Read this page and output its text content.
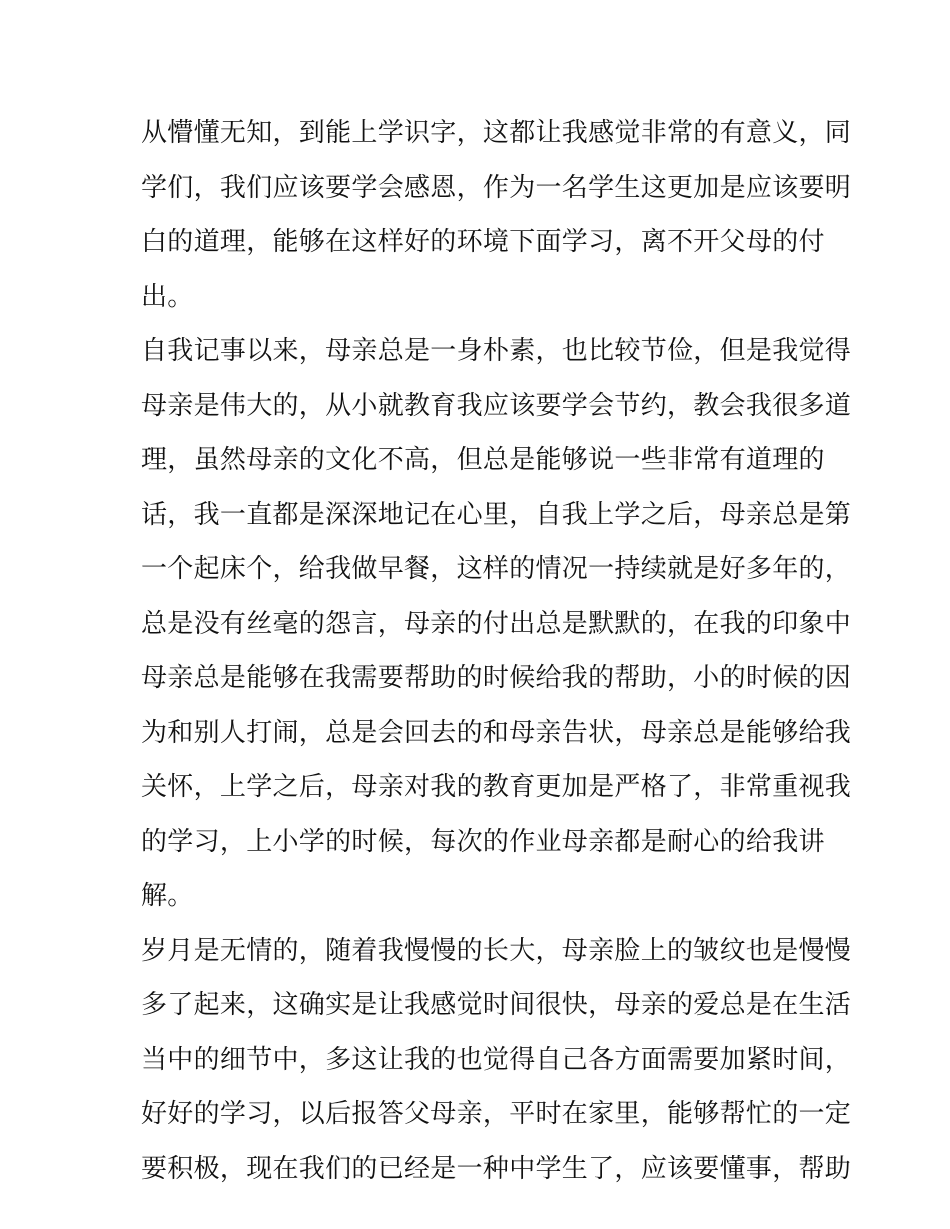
从懵懂无知，到能上学识字，这都让我感觉非常的有意义，同
学们，我们应该要学会感恩，作为一名学生这更加是应该要明
白的道理，能够在这样好的环境下面学习，离不开父母的付
出。
自我记事以来，母亲总是一身朴素，也比较节俭，但是我觉得
母亲是伟大的，从小就教育我应该要学会节约，教会我很多道
理，虽然母亲的文化不高，但总是能够说一些非常有道理的
话，我一直都是深深地记在心里，自我上学之后，母亲总是第
一个起床个，给我做早餐，这样的情况一持续就是好多年的，
总是没有丝毫的怨言，母亲的付出总是默默的，在我的印象中
母亲总是能够在我需要帮助的时候给我的帮助，小的时候的因
为和别人打闹，总是会回去的和母亲告状，母亲总是能够给我
关怀，上学之后，母亲对我的教育更加是严格了，非常重视我
的学习，上小学的时候，每次的作业母亲都是耐心的给我讲
解。
岁月是无情的，随着我慢慢的长大，母亲脸上的皱纹也是慢慢
多了起来，这确实是让我感觉时间很快，母亲的爱总是在生活
当中的细节中，多这让我的也觉得自己各方面需要加紧时间，
好好的学习，以后报答父母亲，平时在家里，能够帮忙的一定
要积极，现在我们的已经是一种中学生了，应该要懂事，帮助
